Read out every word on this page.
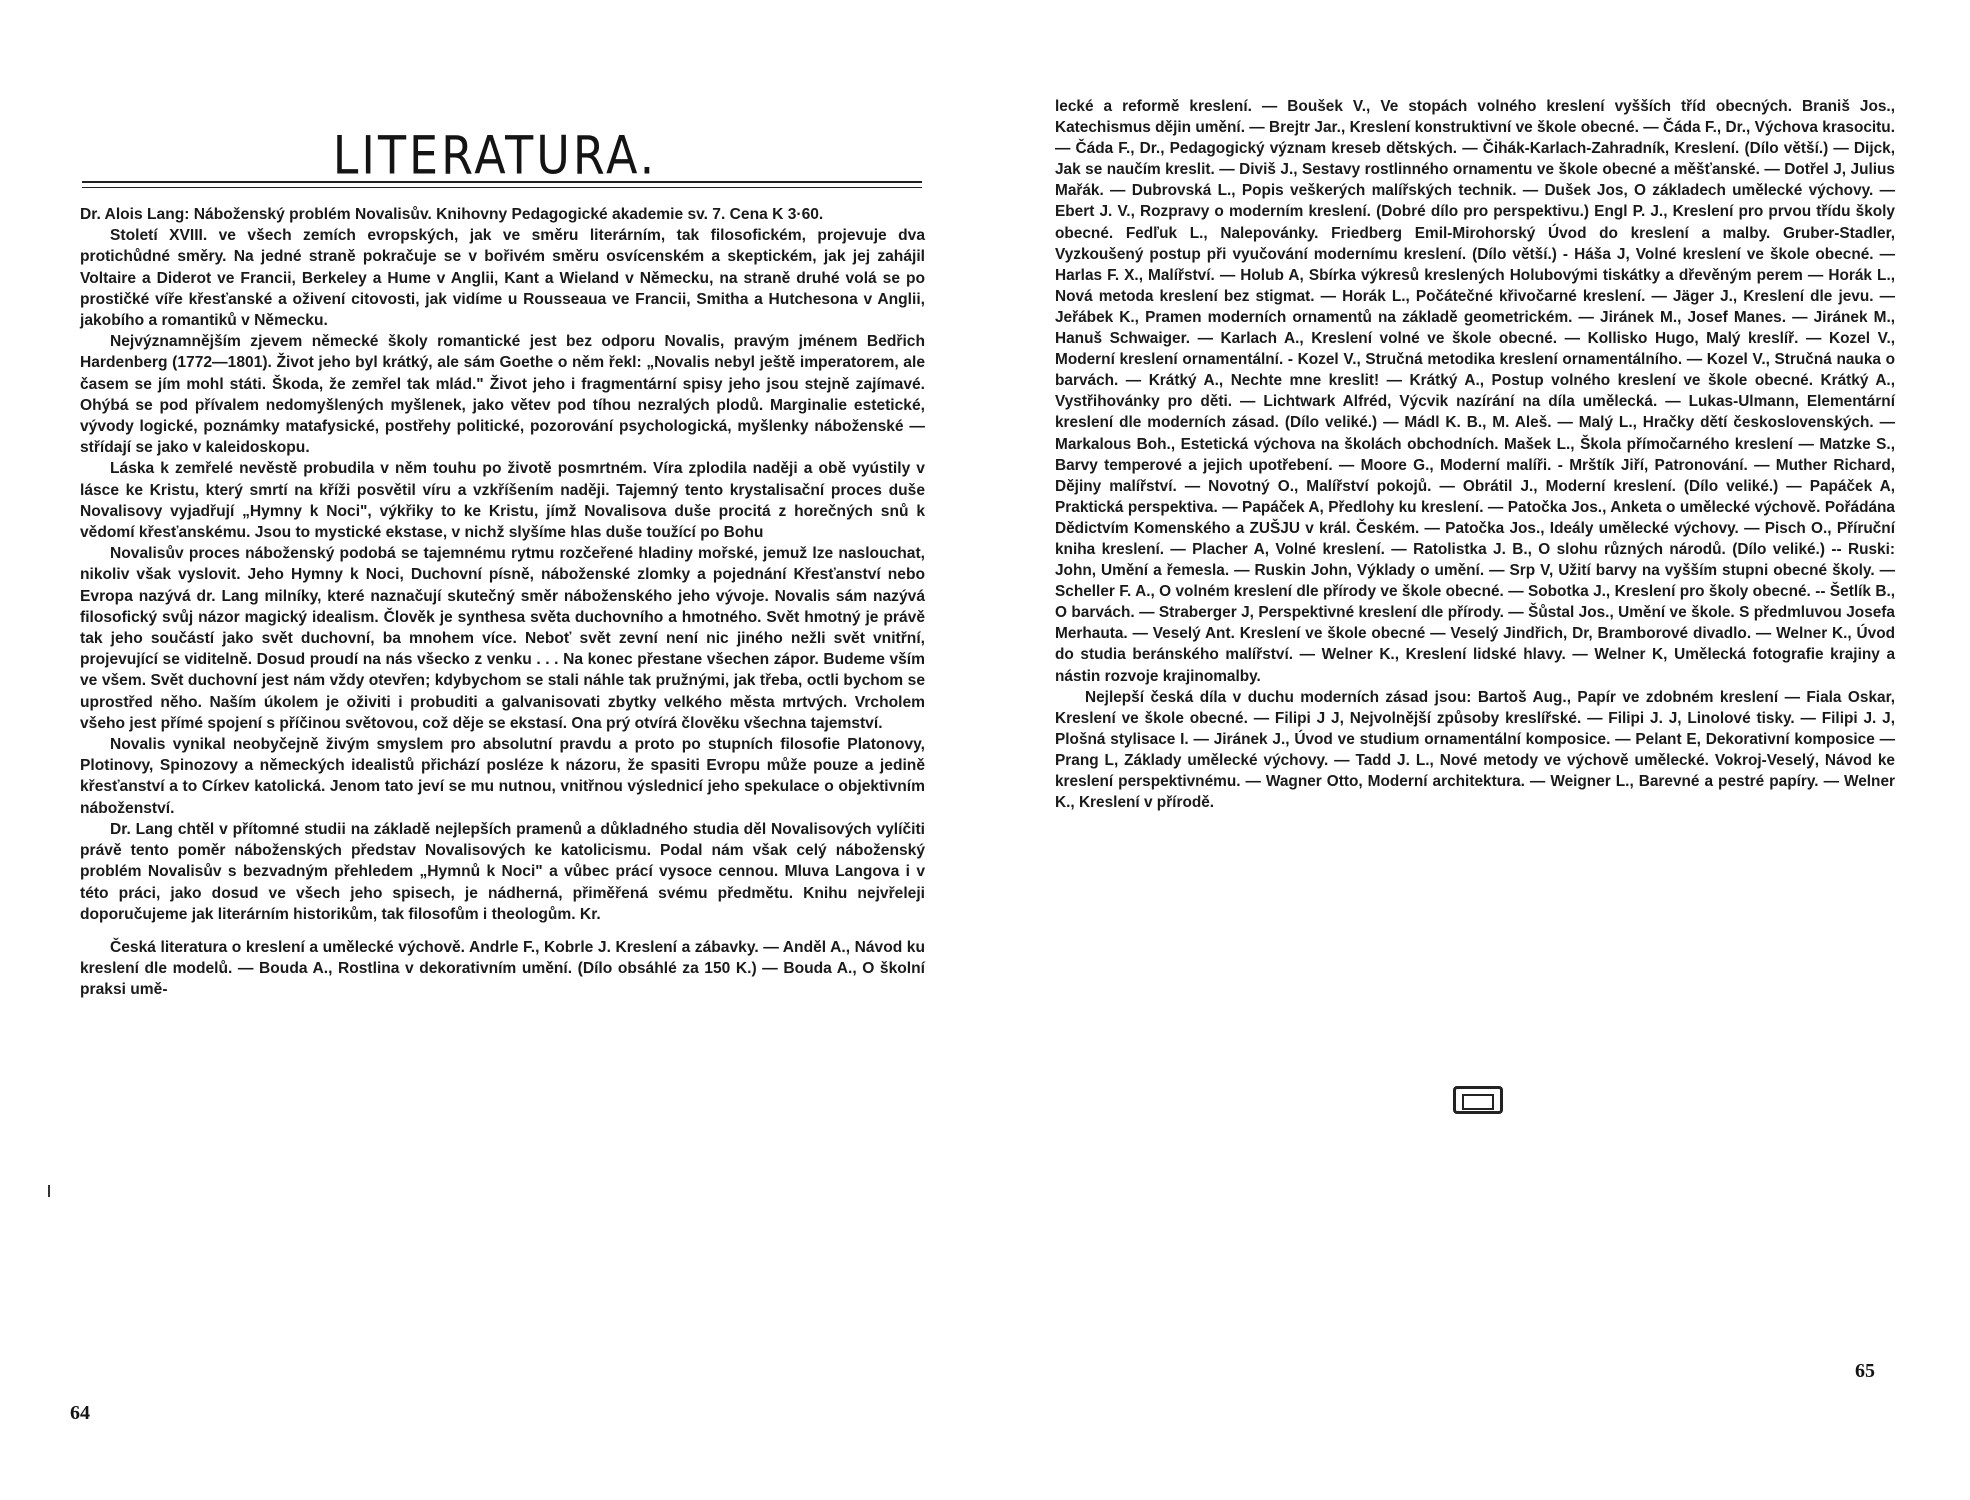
LITERATURA.

Dr. Alois Lang: Náboženský problém Novalisův. Knihovny Pedagogické akademie sv. 7. Cena K 3·60.

Století XVIII. ve všech zemích evropských, jak ve směru literárním, tak filosofickém, projevuje dva protichůdné směry. Na jedné straně pokračuje se v bořivém směru osvícenském a skeptickém, jak jej zahájil Voltaire a Diderot ve Francii, Berkeley a Hume v Anglii, Kant a Wieland v Německu, na straně druhé volá se po prostičké víře křesťanské a oživení citovosti, jak vidíme u Rousseaua ve Francii, Smitha a Hutchesona v Anglii, jakobího a romantiků v Německu.

Nejvýznamnějším zjevem německé školy romantické jest bez odporu Novalis, pravým jménem Bedřich Hardenberg (1772—1801). Život jeho byl krátký, ale sám Goethe o něm řekl: „Novalis nebyl ještě imperatorem, ale časem se jím mohl státi. Škoda, že zemřel tak mlád." Život jeho i fragmentární spisy jeho jsou stejně zajímavé. Ohýbá se pod přívalem nedomyšlených myšlenek, jako větev pod tíhou nezralých plodů. Marginalie estetické, vývody logické, poznámky matafysické, postřehy politické, pozorování psychologická, myšlenky náboženské — střídají se jako v kaleidoskopu.

Láska k zemřelé nevěstě probudila v něm touhu po životě posmrtném. Víra zplodila naději a obě vyústily v lásce ke Kristu, který smrtí na kříži posvětil víru a vzkříšením naději. Tajemný tento krystalisační proces duše Novalisovy vyjadřují „Hymny k Noci", výkřiky to ke Kristu, jímž Novalisova duše procitá z horečných snů k vědomí křesťanskému. Jsou to mystické ekstase, v nichž slyšíme hlas duše toužící po Bohu

Novalisův proces náboženský podobá se tajemnému rytmu rozčeřené hladiny mořské, jemuž lze naslouchat, nikoliv však vyslovit. Jeho Hymny k Noci, Duchovní písně, náboženské zlomky a pojednání Křesťanství nebo Evropa nazývá dr. Lang milníky, které naznačují skutečný směr náboženského jeho vývoje. Novalis sám nazývá filosofický svůj názor magický idealism. Člověk je synthesa světa duchovního a hmotného. Svět hmotný je právě tak jeho součástí jako svět duchovní, ba mnohem více. Neboť svět zevní není nic jiného nežli svět vnitřní, projevující se viditelně. Dosud proudí na nás všecko z venku . . . Na konec přestane všechen zápor. Budeme vším ve všem. Svět duchovní jest nám vždy otevřen; kdybychom se stali náhle tak pružnými, jak třeba, octli bychom se uprostřed něho. Naším úkolem je oživiti i probuditi a galvanisovati zbytky velkého města mrtvých. Vrcholem všeho jest přímé spojení s příčinou světovou, což děje se ekstasí. Ona prý otvírá člověku všechna tajemství.

Novalis vynikal neobyčejně živým smyslem pro absolutní pravdu a proto po stupních filosofie Platonovy, Plotinovy, Spinozovy a německých idealistů přichází posléze k názoru, že spasiti Evropu může pouze a jedině křesťanství a to Církev katolická. Jenom tato jeví se mu nutnou, vnitřnou výslednicí jeho spekulace o objektivním náboženství.

Dr. Lang chtěl v přítomné studii na základě nejlepších pramenů a důkladného studia děl Novalisových vylíčiti právě tento poměr náboženských představ Novalisových ke katolicismu. Podal nám však celý náboženský problém Novalisův s bezvadným přehledem „Hymnů k Noci" a vůbec prácí vysoce cennou. Mluva Langova i v této práci, jako dosud ve všech jeho spisech, je nádherná, přiměřená svému předmětu. Knihu nejvřeleji doporučujeme jak literárním historikům, tak filosofům i theologům. Kr.

Česká literatura o kreslení a umělecké výchově. Andrle F., Kobrle J. Kreslení a zábavky. — Anděl A., Návod ku kreslení dle modelů. — Bouda A., Rostlina v dekorativním umění. (Dílo obsáhlé za 150 K.) — Bouda A., O školní praksi umě-

64

lecké a reformě kreslení. — Boušek V., Ve stopách volného kreslení vyšších tříd obecných. Braniš Jos., Katechismus dějin umění. — Brejtr Jar., Kreslení konstruktivní ve škole obecné. — Čáda F., Dr., Výchova krasocitu. — Čáda F., Dr., Pedagogický význam kreseb dětských. — Čihák-Karlach-Zahradník, Kreslení. (Dílo větší.) — Dijck, Jak se naučím kreslit. — Diviš J., Sestavy rostlinného ornamentu ve škole obecné a měšťanské. — Dotřel J, Julius Mařák. — Dubrovská L., Popis veškerých malířských technik. — Dušek Jos, O základech umělecké výchovy. — Ebert J. V., Rozpravy o moderním kreslení. (Dobré dílo pro perspektivu.) Engl P. J., Kreslení pro prvou třídu školy obecné. Fedľuk L., Nalepovánky. Friedberg Emil-Mirohorský Úvod do kreslení a malby. Gruber-Stadler, Vyzkoušený postup při vyučování modernímu kreslení. (Dílo větší.) - Háša J, Volné kreslení ve škole obecné. — Harlas F. X., Malířství. — Holub A, Sbírka výkresů kreslených Holubovými tiskátky a dřevěným perem — Horák L., Nová metoda kreslení bez stigmat. — Horák L., Počátečné křivočarné kreslení. — Jäger J., Kreslení dle jevu. — Jeřábek K., Pramen moderních ornamentů na základě geometrickém. — Jiránek M., Josef Manes. — Jiránek M., Hanuš Schwaiger. — Karlach A., Kreslení volné ve škole obecné. — Kollisko Hugo, Malý kreslíř. — Kozel V., Moderní kreslení ornamentální. - Kozel V., Stručná metodika kreslení ornamentálního. — Kozel V., Stručná nauka o barvách. — Krátký A., Nechte mne kreslit! — Krátký A., Postup volného kreslení ve škole obecné. Krátký A., Vystřihovánky pro děti. — Lichtwark Alfréd, Výcvik nazírání na díla umělecká. — Lukas-Ulmann, Elementární kreslení dle moderních zásad. (Dílo veliké.) — Mádl K. B., M. Aleš. — Malý L., Hračky dětí československých. — Markalous Boh., Estetická výchova na školách obchodních. Mašek L., Škola přímočarného kreslení — Matzke S., Barvy temperové a jejich upotřebení. — Moore G., Moderní malíři. - Mrštík Jiří, Patronování. — Muther Richard, Dějiny malířství. — Novotný O., Malířství pokojů. — Obrátil J., Moderní kreslení. (Dílo veliké.) — Papáček A, Praktická perspektiva. — Papáček A, Předlohy ku kreslení. — Patočka Jos., Anketa o umělecké výchově. Pořádána Dědictvím Komenského a ZUŠJU v král. Českém. — Patočka Jos., Ideály umělecké výchovy. — Pisch O., Příruční kniha kreslení. — Placher A, Volné kreslení. — Ratolistka J. B., O slohu různých národů. (Dílo veliké.) -- Ruski: John, Umění a řemesla. — Ruskin John, Výklady o umění. — Srp V, Užití barvy na vyšším stupni obecné školy. — Scheller F. A., O volném kreslení dle přírody ve škole obecné. — Sobotka J., Kreslení pro školy obecné. -- Šetlík B., O barvách. — Straberger J, Perspektivné kreslení dle přírody. — Šůstal Jos., Umění ve škole. S předmluvou Josefa Merhauta. — Veselý Ant. Kreslení ve škole obecné — Veselý Jindřich, Dr, Bramborové divadlo. — Welner K., Úvod do studia beránského malířství. — Welner K., Kreslení lidské hlavy. — Welner K, Umělecká fotografie krajiny a nástin rozvoje krajinomalby.

Nejlepší česká díla v duchu moderních zásad jsou: Bartoš Aug., Papír ve zdobném kreslení — Fiala Oskar, Kreslení ve škole obecné. — Filipi J J, Nejvolnější způsoby kreslířské. — Filipi J. J, Linolové tisky. — Filipi J. J, Plošná stylisace I. — Jiránek J., Úvod ve studium ornamentální komposice. — Pelant E, Dekorativní komposice — Prang L, Základy umělecké výchovy. — Tadd J. L., Nové metody ve výchově umělecké. Vokroj-Veselý, Návod ke kreslení perspektivnému. — Wagner Otto, Moderní architektura. — Weigner L., Barevné a pestré papíry. — Welner K., Kreslení v přírodě.

65
